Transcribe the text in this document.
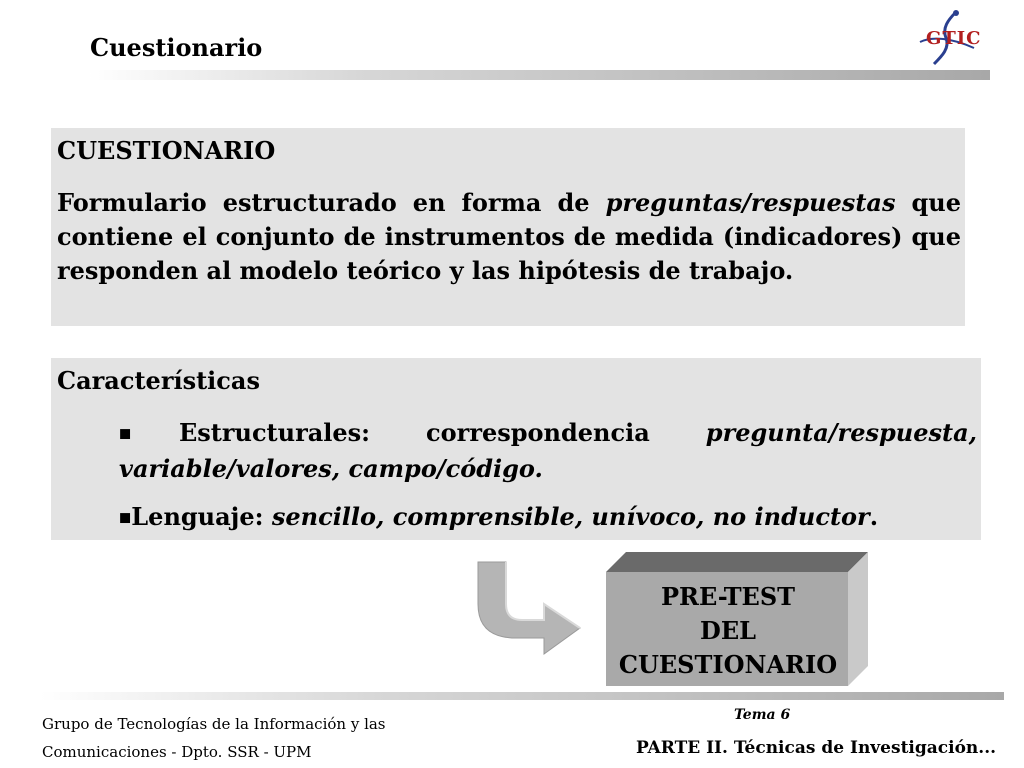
Cuestionario	GTIC
CUESTIONARIO
Formulario estructurado en forma de preguntas/respuestas que contiene el conjunto de instrumentos de medida (indicadores) que responden al modelo teórico y las hipótesis de trabajo.
Características
■Estructurales: correspondencia pregunta/respuesta, variable/valores, campo/código.
■Lenguaje: sencillo, comprensible, unívoco, no inductor.
PRE-TEST
DEL
CUESTIONARIO
Grupo de Tecnologías de la Información y las
Comunicaciones - Dpto. SSR - UPM
Tema 6
PARTE II. Técnicas de Investigación...
